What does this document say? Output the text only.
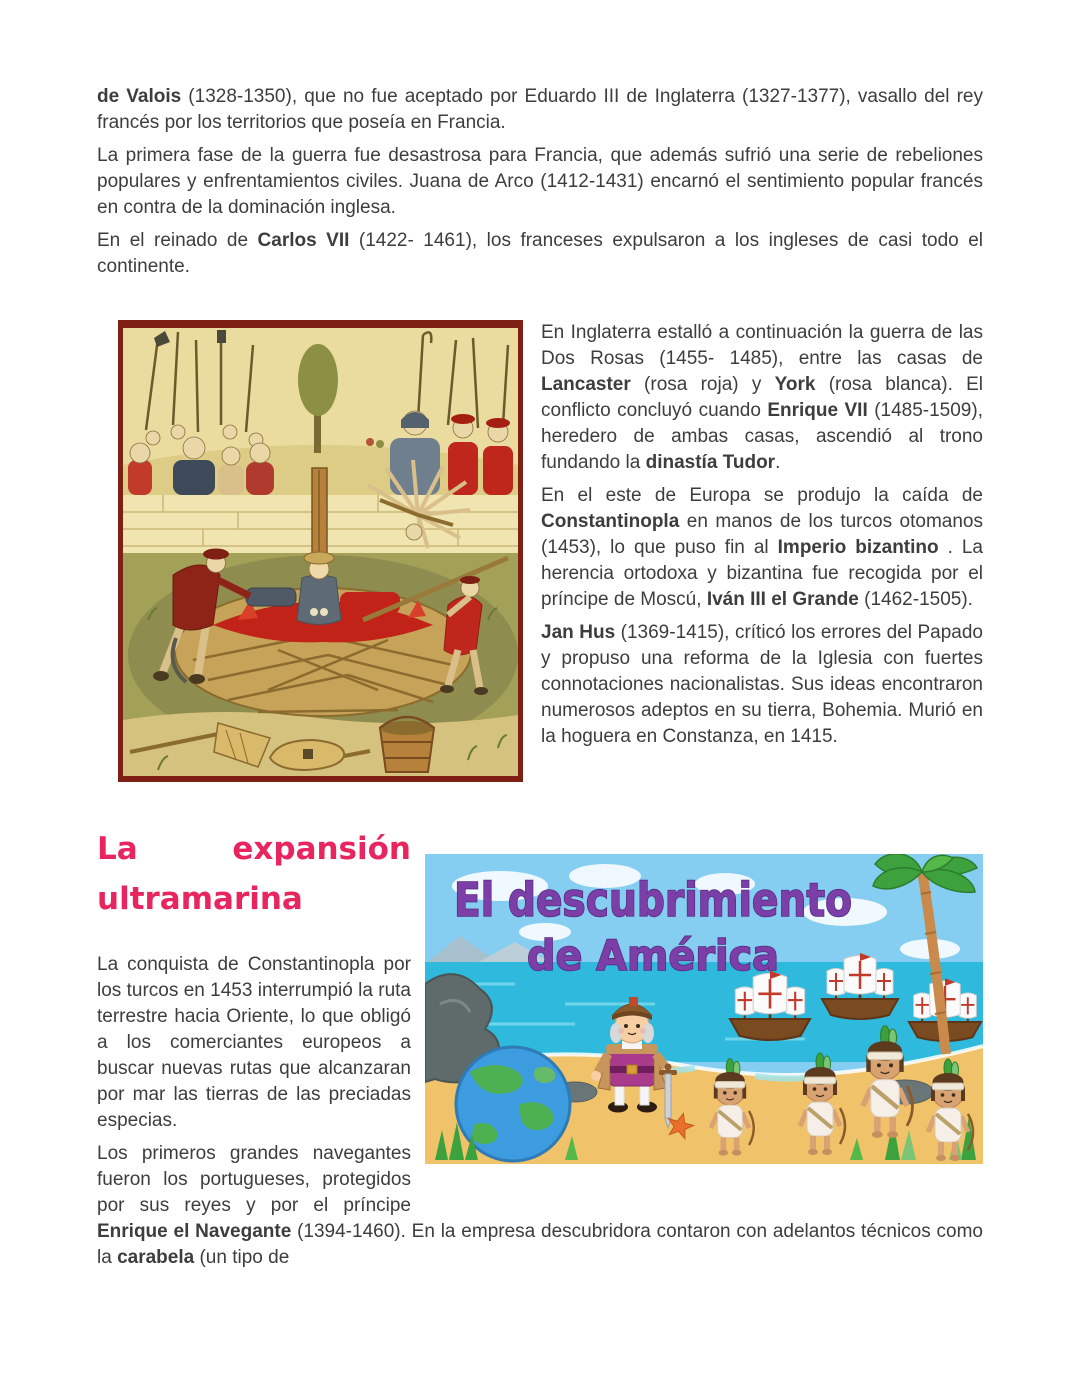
de Valois (1328-1350), que no fue aceptado por Eduardo III de Inglaterra (1327-1377), vasallo del rey francés por los territorios que poseía en Francia.

La primera fase de la guerra fue desastrosa para Francia, que además sufrió una serie de rebeliones populares y enfrentamientos civiles. Juana de Arco (1412-1431) encarnó el sentimiento popular francés en contra de la dominación inglesa.

En el reinado de Carlos VII (1422- 1461), los franceses expulsaron a los ingleses de casi todo el continente.

En Inglaterra estalló a continuación la guerra de las Dos Rosas (1455- 1485), entre las casas de Lancaster (rosa roja) y York (rosa blanca). El conflicto concluyó cuando Enrique VII (1485-1509), heredero de ambas casas, ascendió al trono fundando la dinastía Tudor.

En el este de Europa se produjo la caída de Constantinopla en manos de los turcos otomanos (1453), lo que puso fin al Imperio bizantino . La herencia ortodoxa y bizantina fue recogida por el príncipe de Moscú, Iván III el Grande (1462-1505).

Jan Hus (1369-1415), críticó los errores del Papado y propuso una reforma de la Iglesia con fuertes connotaciones nacionalistas. Sus ideas encontraron numerosos adeptos en su tierra, Bohemia. Murió en la hoguera en Constanza, en 1415.

El descubrimiento
de América
La expansión ultramarina

La conquista de Constantinopla por los turcos en 1453 interrumpió la ruta terrestre hacia Oriente, lo que obligó a los comerciantes europeos a buscar nuevas rutas que alcanzaran por mar las tierras de las preciadas especias.

Los primeros grandes navegantes fueron los portugueses, protegidos por sus reyes y por el príncipe Enrique el Navegante (1394-1460). En la empresa descubridora contaron con adelantos técnicos como la carabela (un tipo de
